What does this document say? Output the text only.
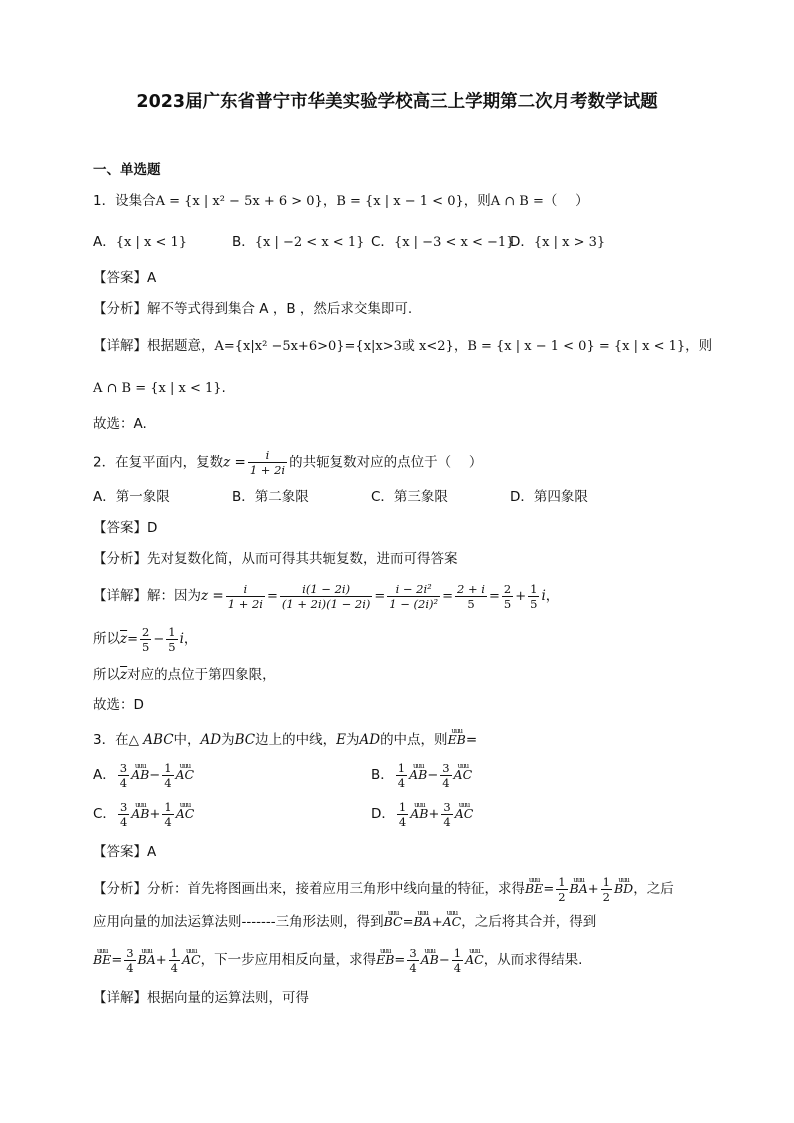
2023届广东省普宁市华美实验学校高三上学期第二次月考数学试题
一、单选题
1．设集合A = {x | x² − 5x + 6 > 0}，B = {x | x − 1 < 0}，则A ∩ B =（　 ）
A．{x | x < 1}	B．{x | −2 < x < 1} C．{x | −3 < x < −1}
D．{x | x > 3}
【答案】A
【分析】解不等式得到集合 A ，B ，然后求交集即可.
【详解】根据题意，A={x|x² −5x+6>0}={x|x>3或 x<2}，B = {x | x − 1 < 0} = {x | x < 1}，则
A ∩ B = {x | x < 1}.
故选：A.
2．在复平面内，复数$z = \frac{i}{1 + 2i}$ 的共轭复数对应的点位于（　 ）
A．第一象限	B．第二象限	C．第三象限	D．第四象限
【答案】D
【分析】先对复数化简，从而可得其共轭复数，进而可得答案
【详解】解：因为$z = \frac{i}{1 + 2i} = \frac{i(1 - 2i)}{(1 + 2i)(1 - 2i)} = \frac{\text{i − 2i²}}{\text{1 − (2i)²}} = \frac{2 + i}{5} = \frac{2}{5} + \frac{1}{5}$ i，
所以$\overline{z}= \frac{2}{5} - \frac{1}{5}$ i，
所以$\overline{z}$对应的点位于第四象限，
故选：D
3．在△ ABC中，AD为BC边上的中线，E为AD的中点，则uuu EB=
A． $\frac{3}{4}$ uuu $AB- \frac{1}{4}$ uuu AC	B． $\frac{1}{4}$ uuu $AB- \frac{3}{4}$ uuu AC
C． $\frac{3}{4}$ uuu $AB+ \frac{1}{4}$ uuu AC	D． $\frac{1}{4}$ uuu $AB+ \frac{3}{4}$ uuu AC
【答案】A
【分析】分析：首先将图画出来，接着应用三角形中线向量的特征，求得uuu $BE= \frac{1}{2}$ uuu $BA+ \frac{1}{2}$ uuu BD，之后
应用向量的加法运算法则-------三角形法则，得到uuu BC=uuu BA+uuu AC，之后将其合并，得到
uuu $BE= \frac{3}{4}$ uuu $BA+ \frac{1}{4}$ uuu AC，下一步应用相反向量，求得uuu $EB= \frac{3}{4}$ uuu $AB- \frac{1}{4}$ uuu AC，从而求得结果.
【详解】根据向量的运算法则，可得
